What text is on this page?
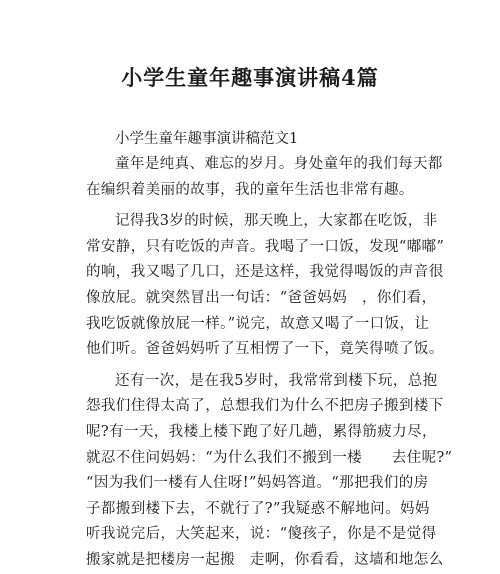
小学生童年趣事演讲稿4篇

小学生童年趣事演讲稿范文1

童年是纯真、难忘的岁月。身处童年的我们每天都
在编织着美丽的故事，我的童年生活也非常有趣。

记得我3岁的时候，那天晚上，大家都在吃饭，非
常安静，只有吃饭的声音。我喝了一口饭，发现“嘟嘟”
的响，我又喝了几口，还是这样，我觉得喝饭的声音很
像放屁。就突然冒出一句话：“爸爸妈妈　，你们看，
我吃饭就像放屁一样。”说完，故意又喝了一口饭，让
他们听。爸爸妈妈听了互相愣了一下，竟笑得喷了饭。

还有一次，是在我5岁时，我常常到楼下玩，总抱
怨我们住得太高了，总想我们为什么不把房子搬到楼下
呢?有一天，我楼上楼下跑了好几趟，累得筋疲力尽，
就忍不住问妈妈：“为什么我们不搬到一楼　　去住呢?”
“因为我们一楼有人住呀!”妈妈答道。“那把我们的房
子都搬到楼下去，不就行了?”我疑惑不解地问。妈妈
听我说完后，大笑起来，说：“傻孩子，你是不是觉得
搬家就是把楼房一起搬　走啊，你看看，这墙和地怎么
